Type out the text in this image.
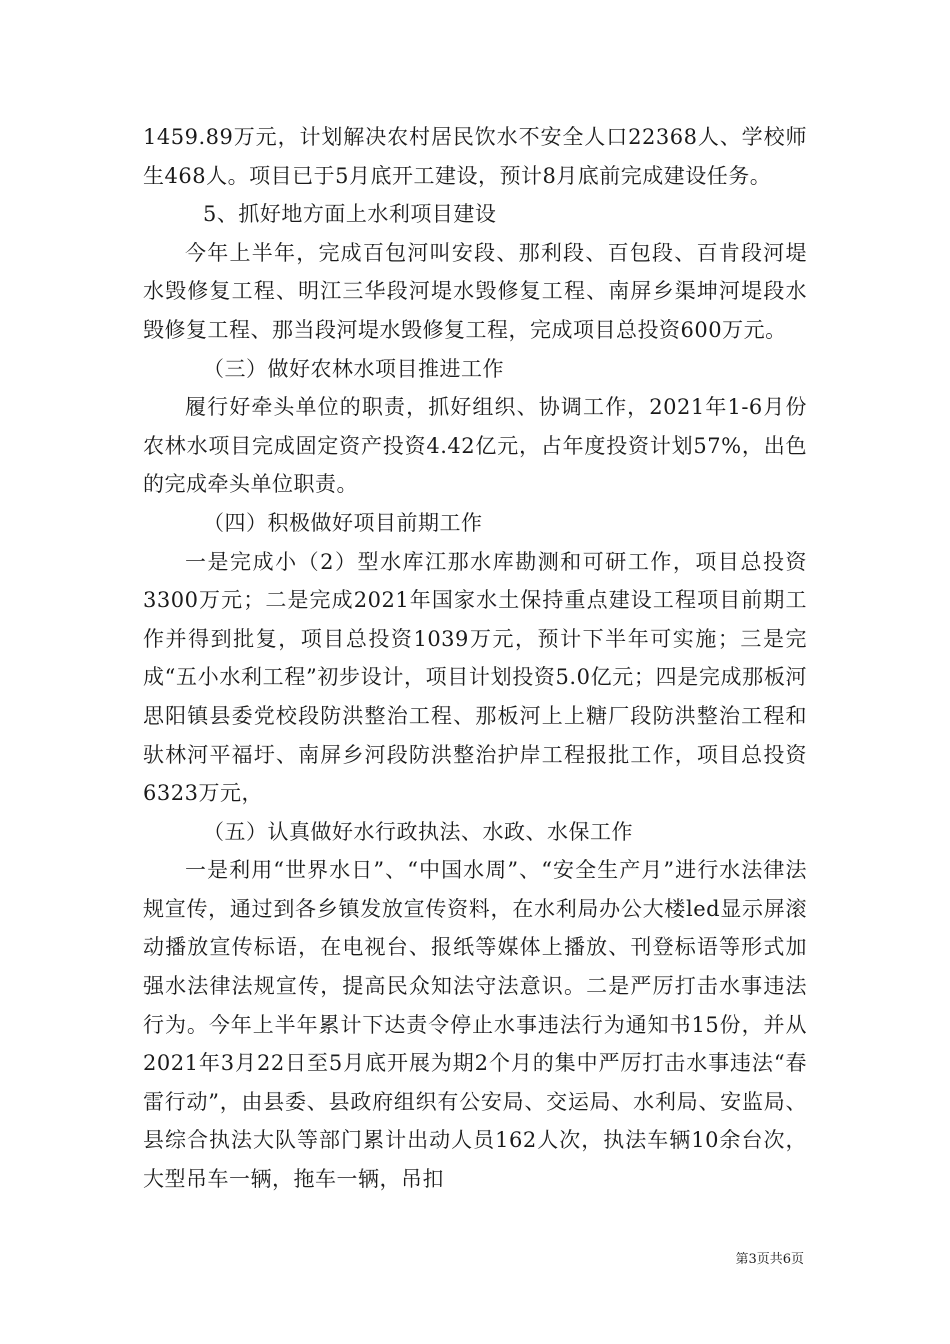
1459.89万元，计划解决农村居民饮水不安全人口22368人、学校师生468人。项目已于5月底开工建设，预计8月底前完成建设任务。

5、抓好地方面上水利项目建设

今年上半年，完成百包河叫安段、那利段、百包段、百肯段河堤水毁修复工程、明江三华段河堤水毁修复工程、南屏乡渠坤河堤段水毁修复工程、那当段河堤水毁修复工程，完成项目总投资600万元。

（三）做好农林水项目推进工作

履行好牵头单位的职责，抓好组织、协调工作，2021年1-6月份农林水项目完成固定资产投资4.42亿元，占年度投资计划57%，出色的完成牵头单位职责。

（四）积极做好项目前期工作

一是完成小（2）型水库江那水库勘测和可研工作，项目总投资3300万元；二是完成2021年国家水土保持重点建设工程项目前期工作并得到批复，项目总投资1039万元，预计下半年可实施；三是完成“五小水利工程”初步设计，项目计划投资5.0亿元；四是完成那板河思阳镇县委党校段防洪整治工程、那板河上上糖厂段防洪整治工程和驮林河平福圩、南屏乡河段防洪整治护岸工程报批工作，项目总投资6323万元，

（五）认真做好水行政执法、水政、水保工作

一是利用“世界水日”、“中国水周”、“安全生产月”进行水法律法规宣传，通过到各乡镇发放宣传资料，在水利局办公大楼led显示屏滚动播放宣传标语，在电视台、报纸等媒体上播放、刊登标语等形式加强水法律法规宣传，提高民众知法守法意识。二是严厉打击水事违法行为。今年上半年累计下达责令停止水事违法行为通知书15份，并从2021年3月22日至5月底开展为期2个月的集中严厉打击水事违法“春雷行动”，由县委、县政府组织有公安局、交运局、水利局、安监局、县综合执法大队等部门累计出动人员162人次，执法车辆10余台次，大型吊车一辆，拖车一辆，吊扣

第3页共6页
